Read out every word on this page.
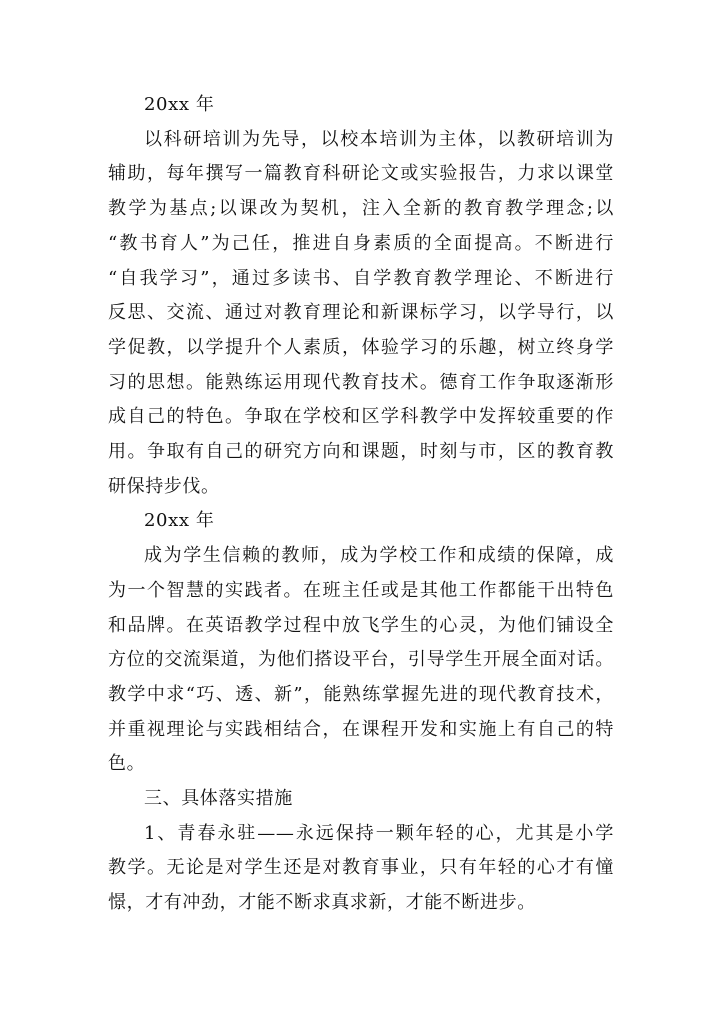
20xx 年

以科研培训为先导，以校本培训为主体，以教研培训为
辅助，每年撰写一篇教育科研论文或实验报告，力求以课堂
教学为基点;以课改为契机，注入全新的教育教学理念;以
“教书育人”为己任，推进自身素质的全面提高。不断进行
“自我学习”，通过多读书、自学教育教学理论、不断进行
反思、交流、通过对教育理论和新课标学习，以学导行，以
学促教，以学提升个人素质，体验学习的乐趣，树立终身学
习的思想。能熟练运用现代教育技术。德育工作争取逐渐形
成自己的特色。争取在学校和区学科教学中发挥较重要的作
用。争取有自己的研究方向和课题，时刻与市，区的教育教
研保持步伐。

20xx 年

成为学生信赖的教师，成为学校工作和成绩的保障，成
为一个智慧的实践者。在班主任或是其他工作都能干出特色
和品牌。在英语教学过程中放飞学生的心灵，为他们铺设全
方位的交流渠道，为他们搭设平台，引导学生开展全面对话。
教学中求“巧、透、新”，能熟练掌握先进的现代教育技术，
并重视理论与实践相结合，在课程开发和实施上有自己的特
色。

三、具体落实措施

1、青春永驻——永远保持一颗年轻的心，尤其是小学
教学。无论是对学生还是对教育事业，只有年轻的心才有憧
憬，才有冲劲，才能不断求真求新，才能不断进步。
